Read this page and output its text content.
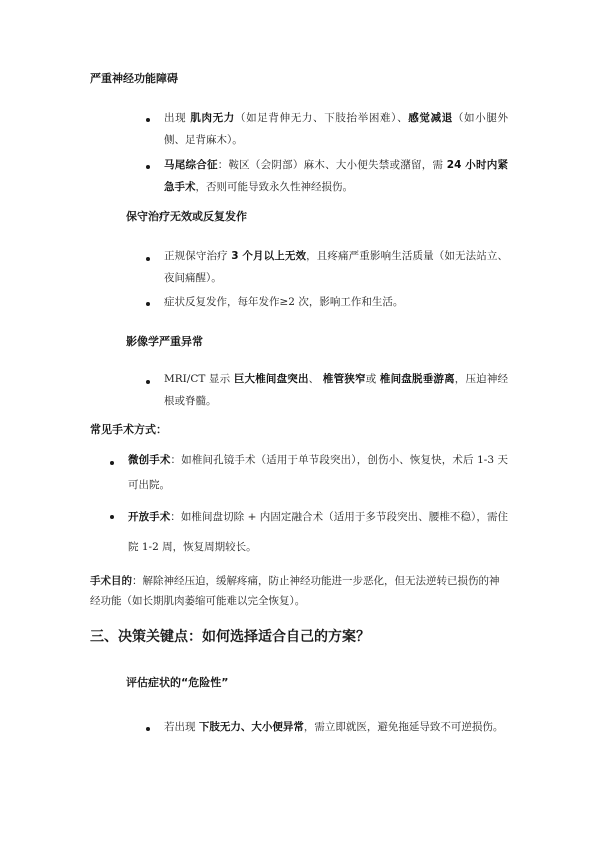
严重神经功能障碍
出现 肌肉无力（如足背伸无力、下肢抬举困难）、感觉减退（如小腿外侧、足背麻木）。
马尾综合征：鞍区（会阴部）麻木、大小便失禁或潴留，需 24 小时内紧急手术，否则可能导致永久性神经损伤。
保守治疗无效或反复发作
正规保守治疗 3 个月以上无效，且疼痛严重影响生活质量（如无法站立、夜间痛醒）。
症状反复发作，每年发作≥2 次，影响工作和生活。
影像学严重异常
MRI/CT 显示 巨大椎间盘突出、 椎管狭窄或 椎间盘脱垂游离，压迫神经根或脊髓。
常见手术方式：
微创手术：如椎间孔镜手术（适用于单节段突出），创伤小、恢复快，术后 1-3 天可出院。
开放手术：如椎间盘切除 + 内固定融合术（适用于多节段突出、腰椎不稳），需住院 1-2 周，恢复周期较长。
手术目的：解除神经压迫，缓解疼痛，防止神经功能进一步恶化，但无法逆转已损伤的神经功能（如长期肌肉萎缩可能难以完全恢复）。
三、决策关键点：如何选择适合自己的方案？
评估症状的“危险性”
若出现 下肢无力、大小便异常，需立即就医，避免拖延导致不可逆损伤。
